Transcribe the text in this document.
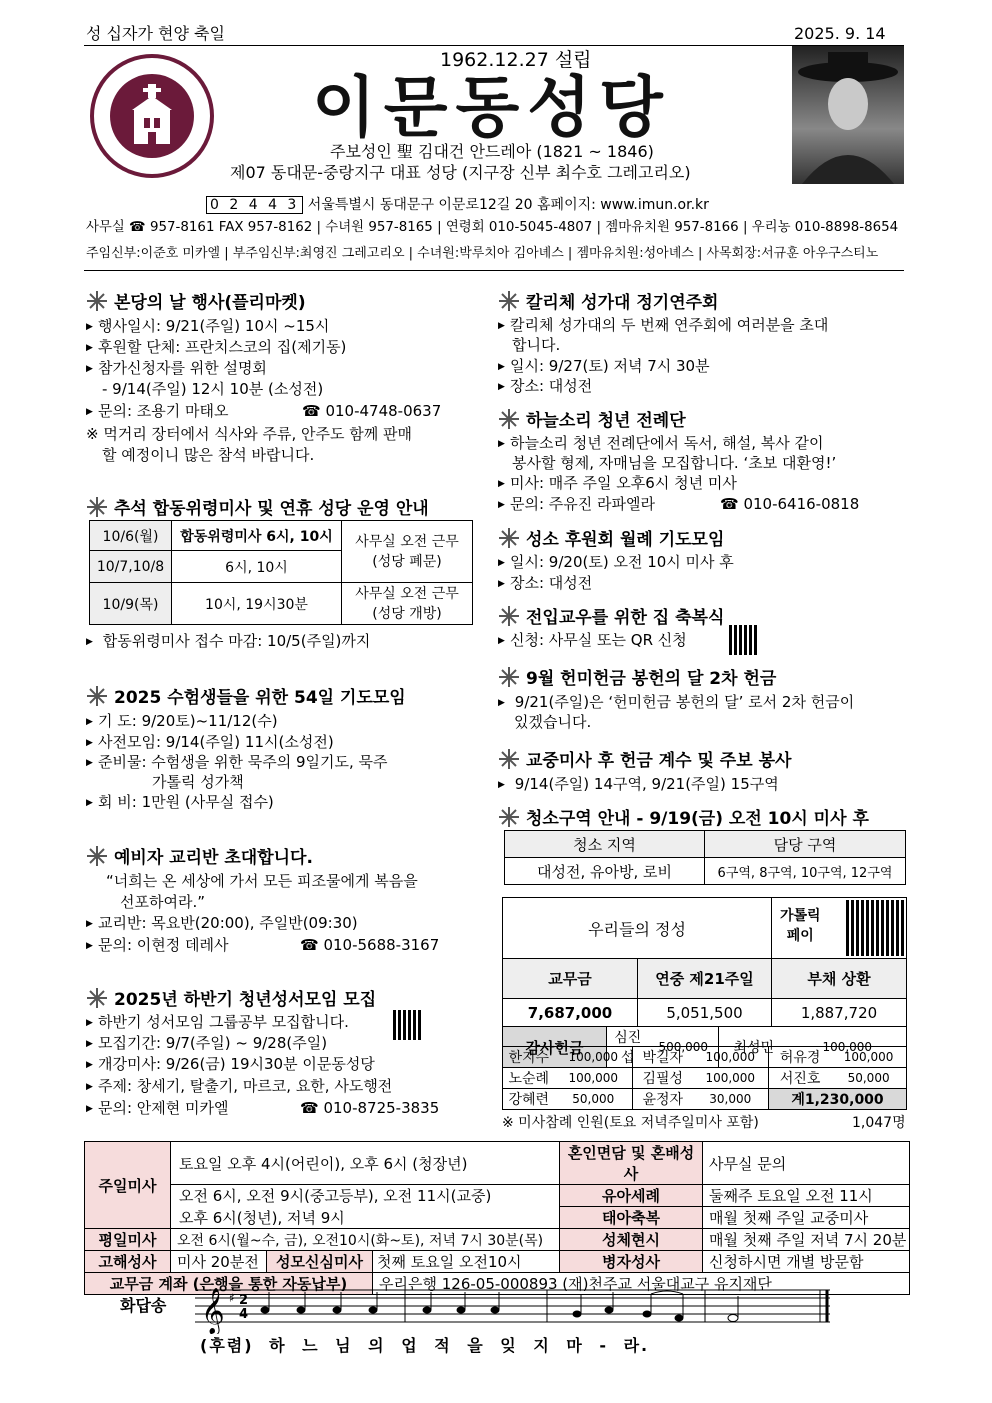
성 십자가 현양 축일	2025. 9. 14
1962.12.27 설립
이문동성당
주보성인 聖 김대건 안드레아 (1821 ~ 1846)
제07 동대문-중랑지구 대표 성당 (지구장 신부 최수호 그레고리오)
0 2 4 4 3 서울특별시 동대문구 이문로12길 20 홈페이지: www.imun.or.kr
사무실 ☎ 957-8161 FAX 957-8162 | 수녀원 957-8165 | 연령회 010-5045-4807 | 젬마유치원 957-8166 | 우리농 010-8898-8654
주임신부:이준호 미카엘 | 부주임신부:최영진 그레고리오 | 수녀원:박루치아 김아녜스 | 젬마유치원:성아녜스 | 사목회장:서규훈 아우구스티노
본당의 날 행사(플리마켓)
▶ 행사일시: 9/21(주일) 10시 ~15시
▶ 후원할 단체: 프란치스코의 집(제기동)
▶ 참가신청자를 위한 설명회
- 9/14(주일) 12시 10분 (소성전)
▶ 문의: 조용기 마태오	☎ 010-4748-0637
※ 먹거리 장터에서 식사와 주류, 안주도 함께 판매
할 예정이니 많은 참석 바랍니다.
추석 합동위령미사 및 연휴 성당 운영 안내
10/6(월)	합동위령미사 6시, 10시	사무실 오전 근무
(성당 폐문)
10/7,10/8	6시, 10시	
10/9(목)	10시, 19시30분	사무실 오전 근무
(성당 개방)
▶ 합동위령미사 접수 마감: 10/5(주일)까지
2025 수험생들을 위한 54일 기도모임
▶ 기 도: 9/20토)~11/12(수)
▶ 사전모임: 9/14(주일) 11시(소성전)
▶ 준비물: 수험생을 위한 묵주의 9일기도, 묵주
가톨릭 성가책
▶ 회 비: 1만원 (사무실 접수)
예비자 교리반 초대합니다.
“너희는 온 세상에 가서 모든 피조물에게 복음을
선포하여라.”
▶ 교리반: 목요반(20:00), 주일반(09:30)
▶ 문의: 이현정 데레사	☎ 010-5688-3167
2025년 하반기 청년성서모임 모집
▶ 하반기 성서모임 그룹공부 모집합니다.
▶ 모집기간: 9/7(주일) ~ 9/28(주일)
▶ 개강미사: 9/26(금) 19시30분 이문동성당
▶ 주제: 창세기, 탈출기, 마르코, 요한, 사도행전
▶ 문의: 안제현 미카엘	☎ 010-8725-3835
칼리체 성가대 정기연주회
▶ 칼리체 성가대의 두 번째 연주회에 여러분을 초대
합니다.
▶ 일시: 9/27(토) 저녁 7시 30분
▶ 장소: 대성전
하늘소리 청년 전례단
▶ 하늘소리 청년 전례단에서 독서, 해설, 복사 같이
봉사할 형제, 자매님을 모집합니다. ‘초보 대환영!’
▶ 미사: 매주 주일 오후6시 청년 미사
▶ 문의: 주유진 라파엘라	☎ 010-6416-0818
성소 후원회 월례 기도모임
▶ 일시: 9/20(토) 오전 10시 미사 후
▶ 장소: 대성전
전입교우를 위한 집 축복식
▶ 신청: 사무실 또는 QR 신청
9월 헌미헌금 봉헌의 달 2차 헌금
▶ 9/21(주일)은 ‘헌미헌금 봉헌의 달’ 로서 2차 헌금이
있겠습니다.
교중미사 후 헌금 계수 및 주보 봉사
▶ 9/14(주일) 14구역, 9/21(주일) 15구역
청소구역 안내 - 9/19(금) 오전 10시 미사 후
청소 지역	담당 구역
대성전, 유아방, 로비	6구역, 8구역, 10구역, 12구역
우리들의 정성		가톨릭
페이

교무금	연중 제21주일	부채 상환
7,687,000	5,051,500	1,887,720
감사헌금	심진섭	500,000	최성민	100,000
한지수	100,000	박길자	100,000	허유경	100,000
노순례	100,000	김필성	100,000	서진호	50,000
강혜련	50,000	윤정자	30,000	계1,230,000	
※ 미사참례 인원(토요 저녁주일미사 포함)	1,047명
주일미사	토요일 오후 4시(어린이), 오후 6시 (청장년)			혼인면담 및 혼배성사	사무실 문의
	오전 6시, 오전 9시(중고등부), 오전 11시(교중)			유아세례	둘째주 토요일 오전 11시
	오후 6시(청년), 저녁 9시			태아축복	매월 첫째 주일 교중미사
평일미사	오전 6시(월~수, 금), 오전10시(화~토), 저녁 7시 30분(목)			성체현시	매월 첫째 주일 저녁 7시 20분
고해성사	미사 20분전	성모신심미사	첫째 토요일 오전10시	병자성사	신청하시면 개별 방문함
교무금 계좌 (은행을 통한 자동납부)			우리은행 126-05-000893 (재)천주교 서울대교구 유지재단		
화답송 𝄞 ♯ 2
4
(후렴) 하 느 님 의 업 적 을 잊 지 마 - 라.
